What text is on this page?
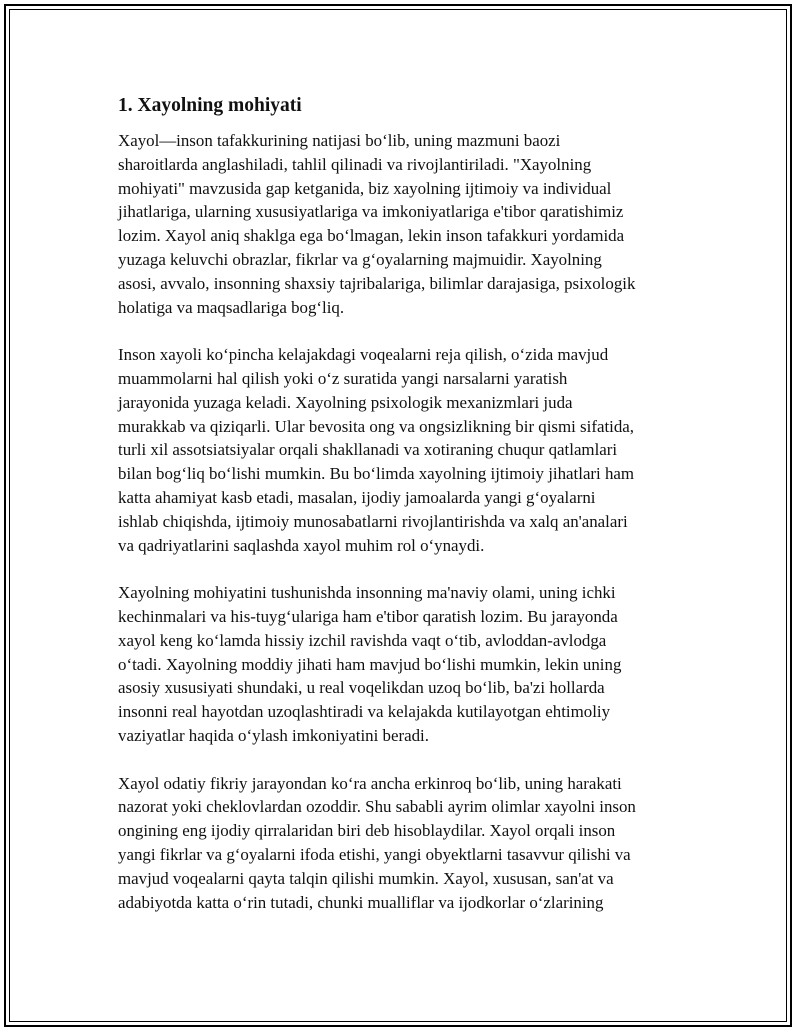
1. Xayolning mohiyati

Xayol—inson tafakkurining natijasi bo‘lib, uning mazmuni baozi
sharoitlarda anglashiladi, tahlil qilinadi va rivojlantiriladi. "Xayolning
mohiyati" mavzusida gap ketganida, biz xayolning ijtimoiy va individual
jihatlariga, ularning xususiyatlariga va imkoniyatlariga e'tibor qaratishimiz
lozim. Xayol aniq shaklga ega bo‘lmagan, lekin inson tafakkuri yordamida
yuzaga keluvchi obrazlar, fikrlar va g‘oyalarning majmuidir. Xayolning
asosi, avvalo, insonning shaxsiy tajribalariga, bilimlar darajasiga, psixologik
holatiga va maqsadlariga bog‘liq.

Inson xayoli ko‘pincha kelajakdagi voqealarni reja qilish, o‘zida mavjud
muammolarni hal qilish yoki o‘z suratida yangi narsalarni yaratish
jarayonida yuzaga keladi. Xayolning psixologik mexanizmlari juda
murakkab va qiziqarli. Ular bevosita ong va ongsizlikning bir qismi sifatida,
turli xil assotsiatsiyalar orqali shakllanadi va xotiraning chuqur qatlamlari
bilan bog‘liq bo‘lishi mumkin. Bu bo‘limda xayolning ijtimoiy jihatlari ham
katta ahamiyat kasb etadi, masalan, ijodiy jamoalarda yangi g‘oyalarni
ishlab chiqishda, ijtimoiy munosabatlarni rivojlantirishda va xalq an'analari
va qadriyatlarini saqlashda xayol muhim rol o‘ynaydi.

Xayolning mohiyatini tushunishda insonning ma'naviy olami, uning ichki
kechinmalari va his-tuyg‘ulariga ham e'tibor qaratish lozim. Bu jarayonda
xayol keng ko‘lamda hissiy izchil ravishda vaqt o‘tib, avloddan-avlodga
o‘tadi. Xayolning moddiy jihati ham mavjud bo‘lishi mumkin, lekin uning
asosiy xususiyati shundaki, u real voqelikdan uzoq bo‘lib, ba'zi hollarda
insonni real hayotdan uzoqlashtiradi va kelajakda kutilayotgan ehtimoliy
vaziyatlar haqida o‘ylash imkoniyatini beradi.

Xayol odatiy fikriy jarayondan ko‘ra ancha erkinroq bo‘lib, uning harakati
nazorat yoki cheklovlardan ozoddir. Shu sababli ayrim olimlar xayolni inson
ongining eng ijodiy qirralaridan biri deb hisoblaydilar. Xayol orqali inson
yangi fikrlar va g‘oyalarni ifoda etishi, yangi obyektlarni tasavvur qilishi va
mavjud voqealarni qayta talqin qilishi mumkin. Xayol, xususan, san'at va
adabiyotda katta o‘rin tutadi, chunki mualliflar va ijodkorlar o‘zlarining
